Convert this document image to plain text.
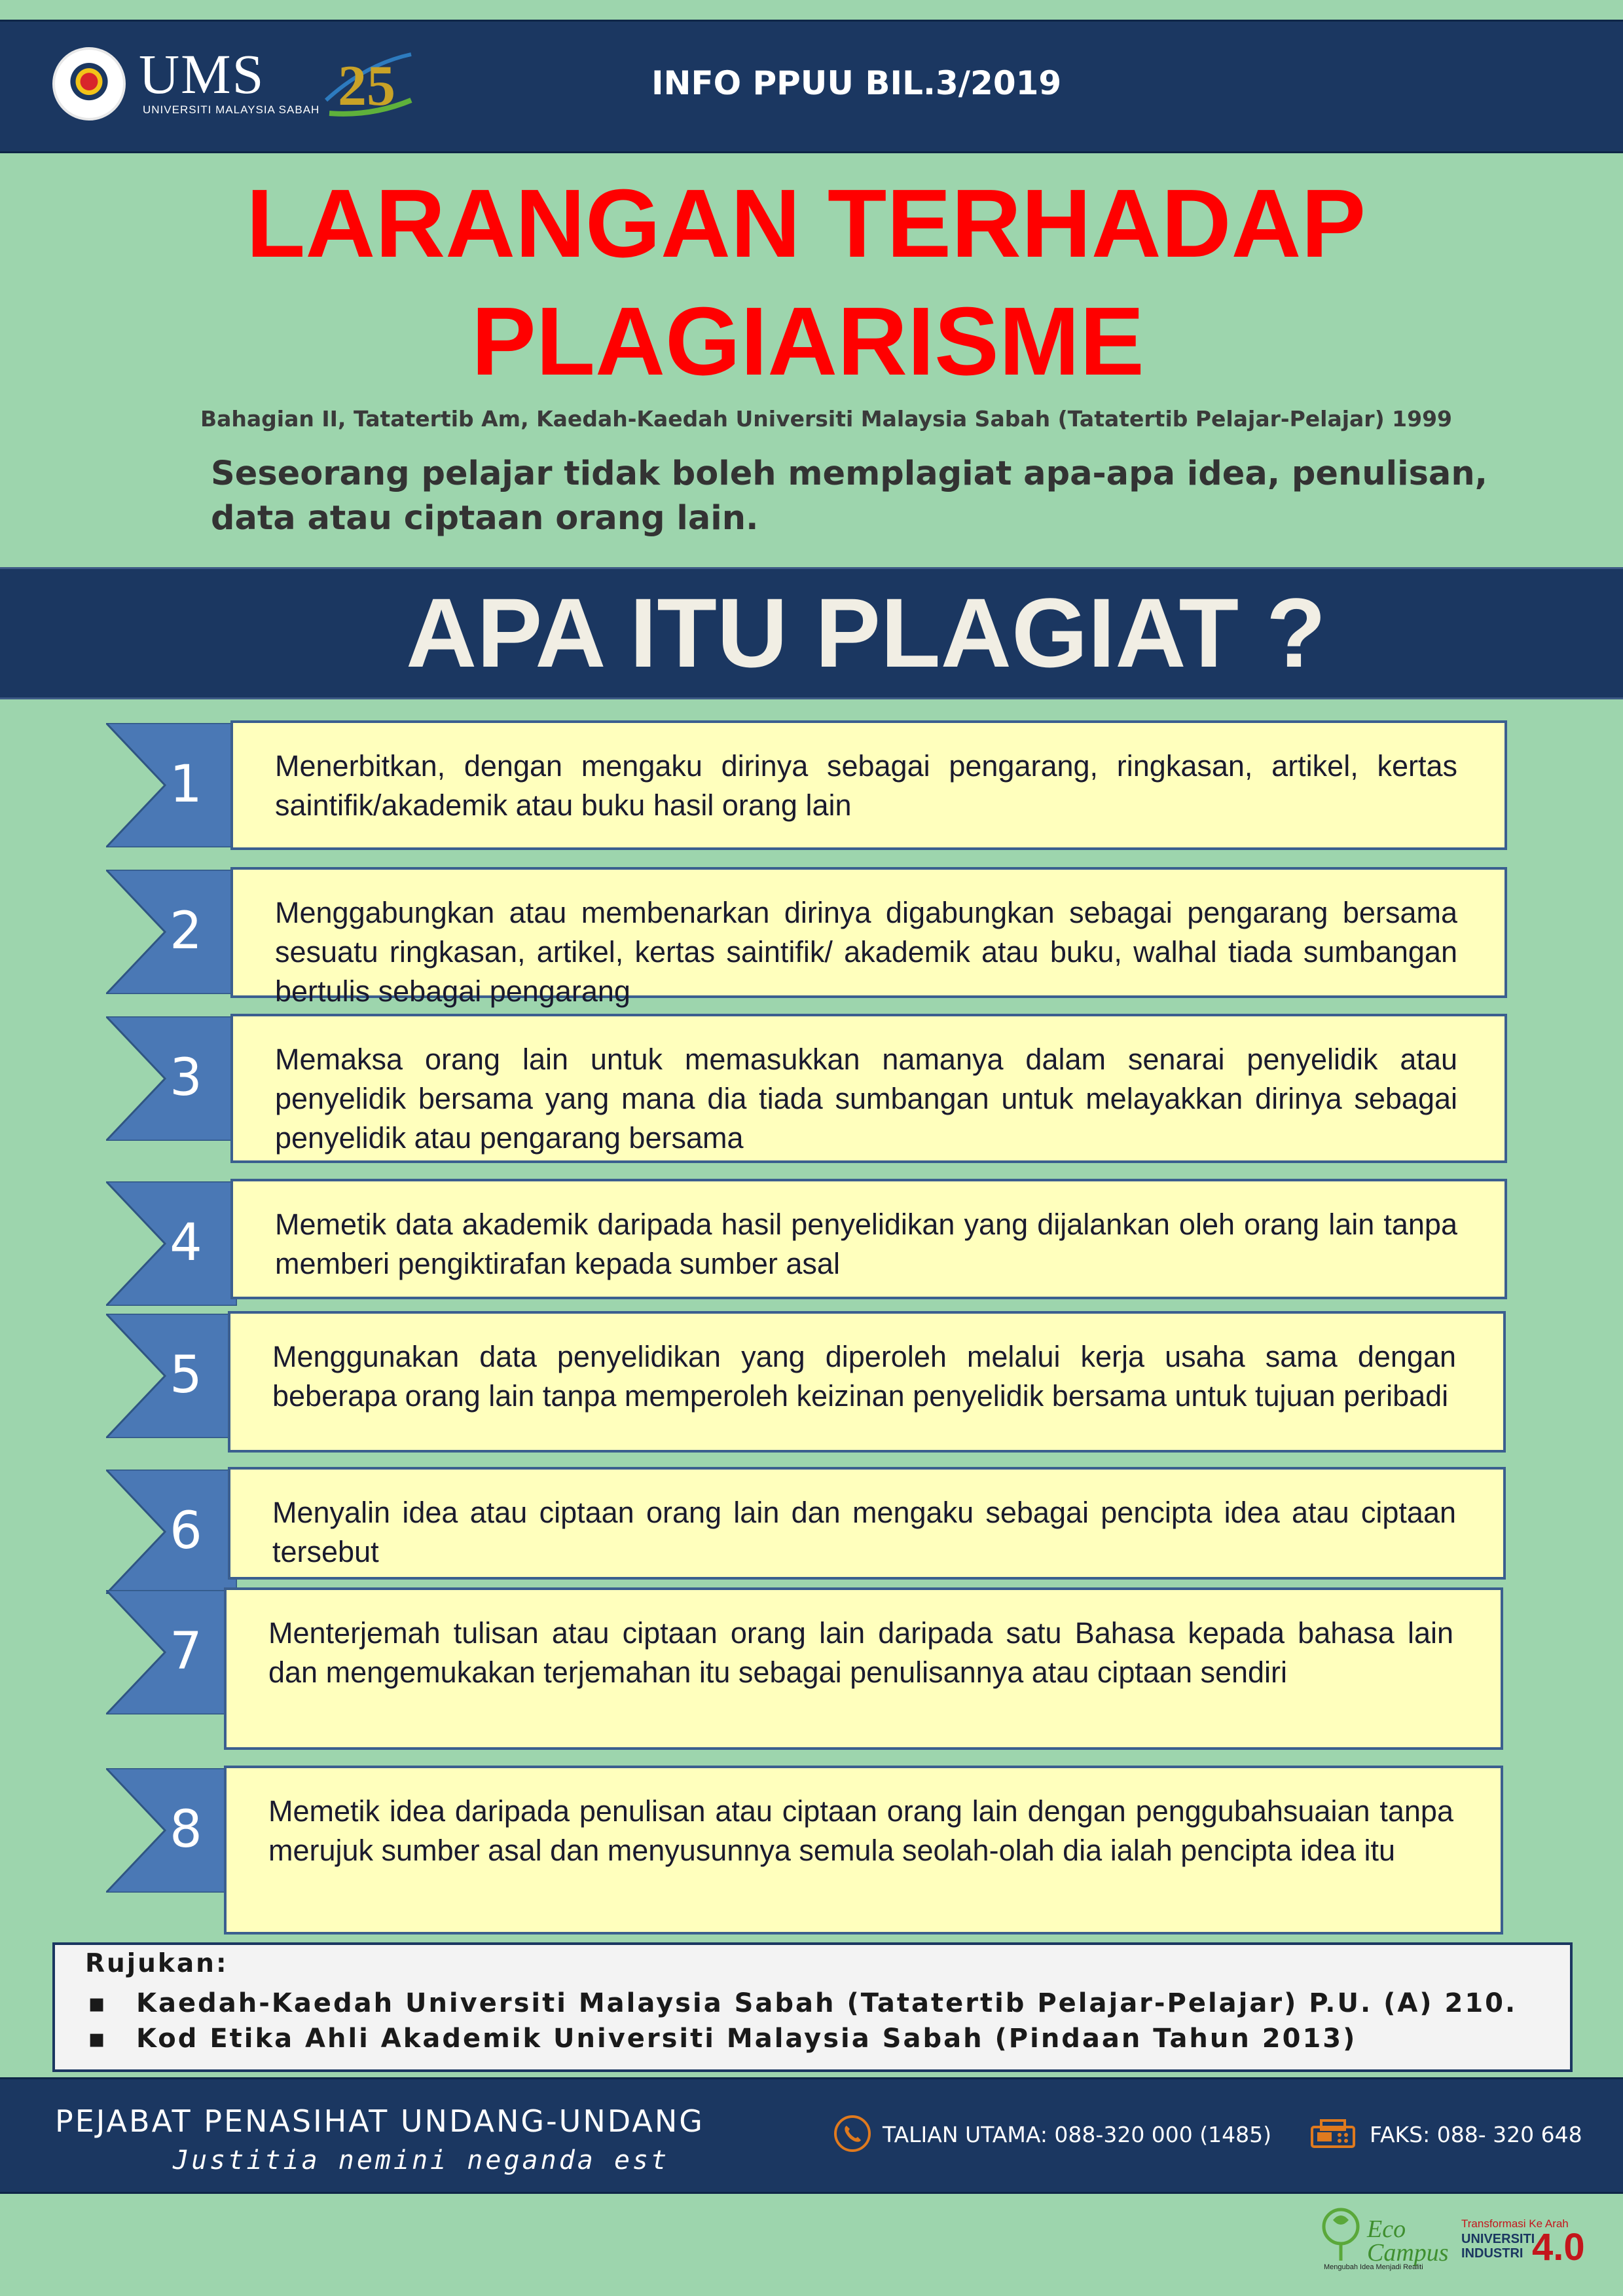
UMS
UNIVERSITI MALAYSIA SABAH 25	INFO PPUU BIL.3/2019
LARANGAN TERHADAP
PLAGIARISME
Bahagian II, Tatatertib Am, Kaedah-Kaedah Universiti Malaysia Sabah (Tatatertib Pelajar-Pelajar) 1999
Seseorang pelajar tidak boleh memplagiat apa-apa idea, penulisan, data atau ciptaan orang lain.
APA ITU PLAGIAT ?
1	Menerbitkan, dengan mengaku dirinya sebagai pengarang, ringkasan, artikel, kertas saintifik/akademik atau buku hasil orang lain
2	Menggabungkan atau membenarkan dirinya digabungkan sebagai pengarang bersama sesuatu ringkasan, artikel, kertas saintifik/ akademik atau buku, walhal tiada sumbangan bertulis sebagai pengarang
3	Memaksa orang lain untuk memasukkan namanya dalam senarai penyelidik atau penyelidik bersama yang mana dia tiada sumbangan untuk melayakkan dirinya sebagai penyelidik atau pengarang bersama
4	Memetik data akademik daripada hasil penyelidikan yang dijalankan oleh orang lain tanpa memberi pengiktirafan kepada sumber asal
5	Menggunakan data penyelidikan yang diperoleh melalui kerja usaha sama dengan beberapa orang lain tanpa memperoleh keizinan penyelidik bersama untuk tujuan peribadi
6	Menyalin idea atau ciptaan orang lain dan mengaku sebagai pencipta idea atau ciptaan tersebut
7	Menterjemah tulisan atau ciptaan orang lain daripada satu Bahasa kepada bahasa lain dan mengemukakan terjemahan itu sebagai penulisannya atau ciptaan sendiri
8	Memetik idea daripada penulisan atau ciptaan orang lain dengan penggubahsuaian tanpa merujuk sumber asal dan menyusunnya semula seolah-olah dia ialah pencipta idea itu
Rujukan:
▪ Kaedah-Kaedah Universiti Malaysia Sabah (Tatatertib Pelajar-Pelajar) P.U. (A) 210.
▪ Kod Etika Ahli Akademik Universiti Malaysia Sabah (Pindaan Tahun 2013)
PEJABAT PENASIHAT UNDANG-UNDANG
Justitia nemini neganda est
TALIAN UTAMA: 088-320 000 (1485)	FAKS: 088- 320 648
Eco
Campus
Mengubah Idea Menjadi Realiti
Transformasi Ke Arah
UNIVERSITI
INDUSTRI 4.0
